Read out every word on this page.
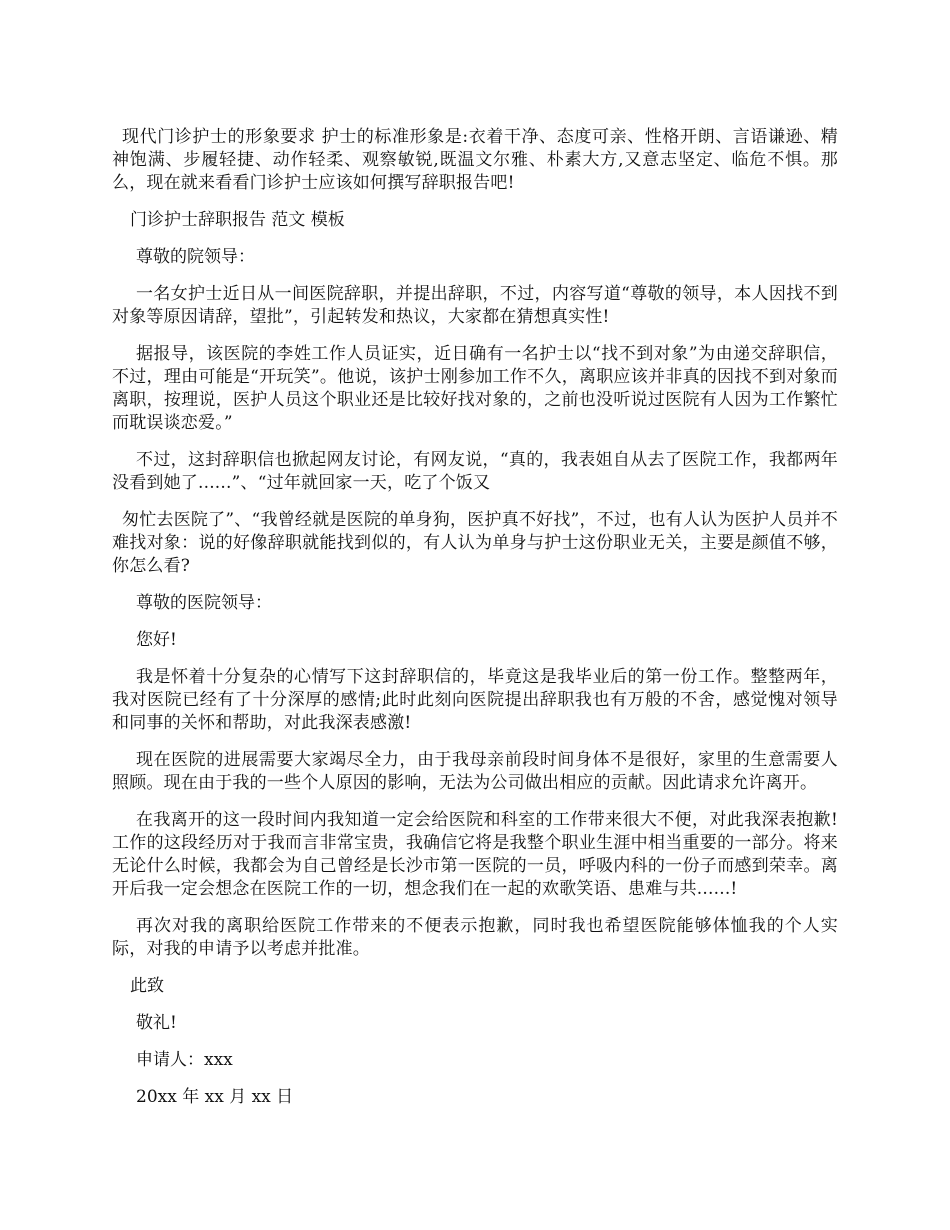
现代门诊护士的形象要求 护士的标准形象是:衣着干净、态度可亲、性格开朗、言语谦逊、精神饱满、步履轻捷、动作轻柔、观察敏锐,既温文尔雅、朴素大方,又意志坚定、临危不惧。那么，现在就来看看门诊护士应该如何撰写辞职报告吧!

门诊护士辞职报告 范文 模板

尊敬的院领导：

一名女护士近日从一间医院辞职，并提出辞职，不过，内容写道“尊敬的领导，本人因找不到对象等原因请辞，望批”，引起转发和热议，大家都在猜想真实性!

据报导，该医院的李姓工作人员证实，近日确有一名护士以“找不到对象”为由递交辞职信，不过，理由可能是“开玩笑”。他说，该护士刚参加工作不久，离职应该并非真的因找不到对象而离职，按理说，医护人员这个职业还是比较好找对象的，之前也没听说过医院有人因为工作繁忙而耽误谈恋爱。”

不过，这封辞职信也掀起网友讨论，有网友说，“真的，我表姐自从去了医院工作，我都两年没看到她了......”、“过年就回家一天，吃了个饭又

匆忙去医院了”、“我曾经就是医院的单身狗，医护真不好找”，不过，也有人认为医护人员并不难找对象：说的好像辞职就能找到似的，有人认为单身与护士这份职业无关，主要是颜值不够，你怎么看?

尊敬的医院领导：

您好!

我是怀着十分复杂的心情写下这封辞职信的，毕竟这是我毕业后的第一份工作。整整两年，我对医院已经有了十分深厚的感情;此时此刻向医院提出辞职我也有万般的不舍，感觉愧对领导和同事的关怀和帮助，对此我深表感激!

现在医院的进展需要大家竭尽全力，由于我母亲前段时间身体不是很好，家里的生意需要人照顾。现在由于我的一些个人原因的影响，无法为公司做出相应的贡献。因此请求允许离开。

在我离开的这一段时间内我知道一定会给医院和科室的工作带来很大不便，对此我深表抱歉!工作的这段经历对于我而言非常宝贵，我确信它将是我整个职业生涯中相当重要的一部分。将来无论什么时候，我都会为自己曾经是长沙市第一医院的一员，呼吸内科的一份子而感到荣幸。离开后我一定会想念在医院工作的一切，想念我们在一起的欢歌笑语、患难与共......!

再次对我的离职给医院工作带来的不便表示抱歉，同时我也希望医院能够体恤我的个人实际，对我的申请予以考虑并批准。

此致

敬礼!

申请人：xxx

20xx 年 xx 月 xx 日
